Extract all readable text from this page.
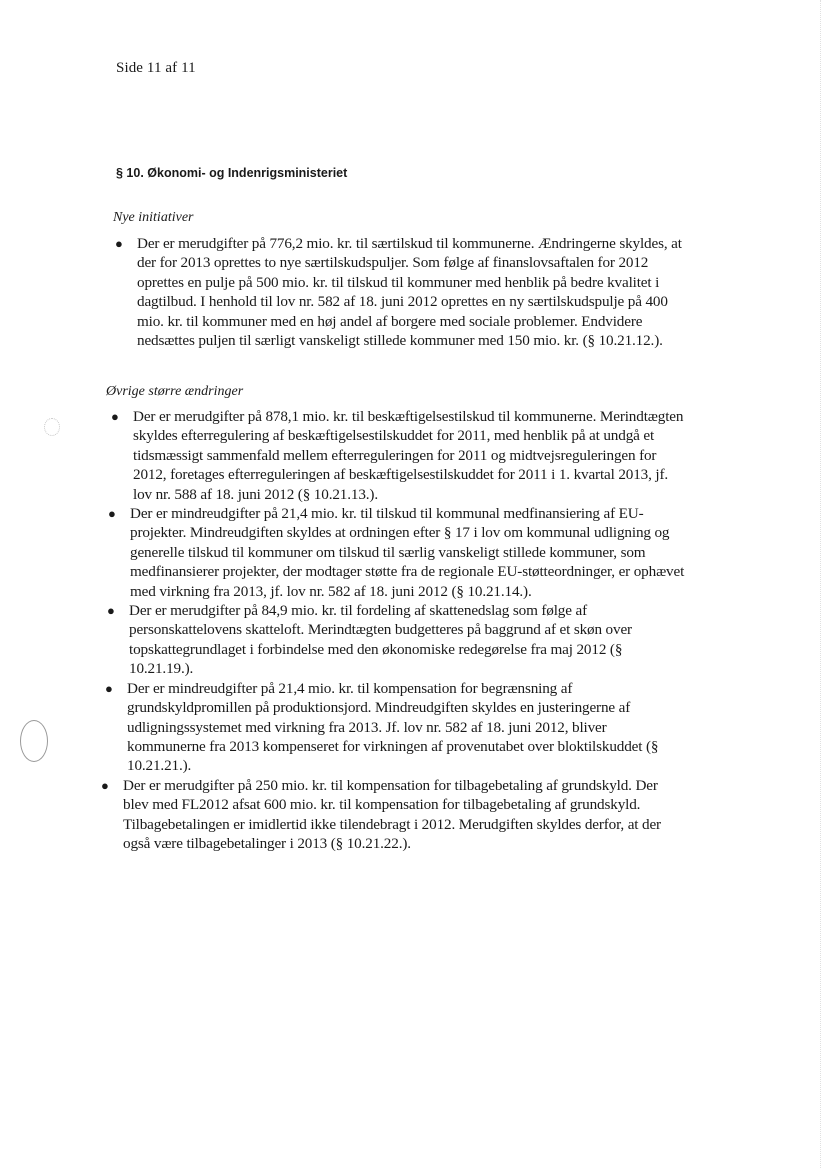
Side 11 af 11
§ 10. Økonomi- og Indenrigsministeriet
Nye initiativer
● Der er merudgifter på 776,2 mio. kr. til særtilskud til kommunerne. Ændringerne skyldes, at der for 2013 oprettes to nye særtilskudspuljer. Som følge af finanslovsaftalen for 2012 oprettes en pulje på 500 mio. kr. til tilskud til kommuner med henblik på bedre kvalitet i dagtilbud. I henhold til lov nr. 582 af 18. juni 2012 oprettes en ny særtilskudspulje på 400 mio. kr. til kommuner med en høj andel af borgere med sociale problemer. Endvidere nedsættes puljen til særligt vanskeligt stillede kommuner med 150 mio. kr. (§ 10.21.12.).
Øvrige større ændringer
● Der er merudgifter på 878,1 mio. kr. til beskæftigelsestilskud til kommunerne. Merindtægten skyldes efterregulering af beskæftigelsestilskuddet for 2011, med henblik på at undgå et tidsmæssigt sammenfald mellem efterreguleringen for 2011 og midtvejsreguleringen for 2012, foretages efterreguleringen af beskæftigelsestilskuddet for 2011 i 1. kvartal 2013, jf. lov nr. 588 af 18. juni 2012 (§ 10.21.13.).
● Der er mindreudgifter på 21,4 mio. kr. til tilskud til kommunal medfinansiering af EU-projekter. Mindreudgiften skyldes at ordningen efter § 17 i lov om kommunal udligning og generelle tilskud til kommuner om tilskud til særlig vanskeligt stillede kommuner, som medfinansierer projekter, der modtager støtte fra de regionale EU-støtteordninger, er ophævet med virkning fra 2013, jf. lov nr. 582 af 18. juni 2012 (§ 10.21.14.).
● Der er merudgifter på 84,9 mio. kr. til fordeling af skattenedslag som følge af personskattelovens skatteloft. Merindtægten budgetteres på baggrund af et skøn over topskattegrundlaget i forbindelse med den økonomiske redegørelse fra maj 2012 (§ 10.21.19.).
● Der er mindreudgifter på 21,4 mio. kr. til kompensation for begrænsning af grundskyldpromillen på produktionsjord. Mindreudgiften skyldes en justeringerne af udligningssystemet med virkning fra 2013. Jf. lov nr. 582 af 18. juni 2012, bliver kommunerne fra 2013 kompenseret for virkningen af provenutabet over bloktilskuddet (§ 10.21.21.).
● Der er merudgifter på 250 mio. kr. til kompensation for tilbagebetaling af grundskyld. Der blev med FL2012 afsat 600 mio. kr. til kompensation for tilbagebetaling af grundskyld. Tilbagebetalingen er imidlertid ikke tilendebragt i 2012. Merudgiften skyldes derfor, at der også være tilbagebetalinger i 2013 (§ 10.21.22.).
